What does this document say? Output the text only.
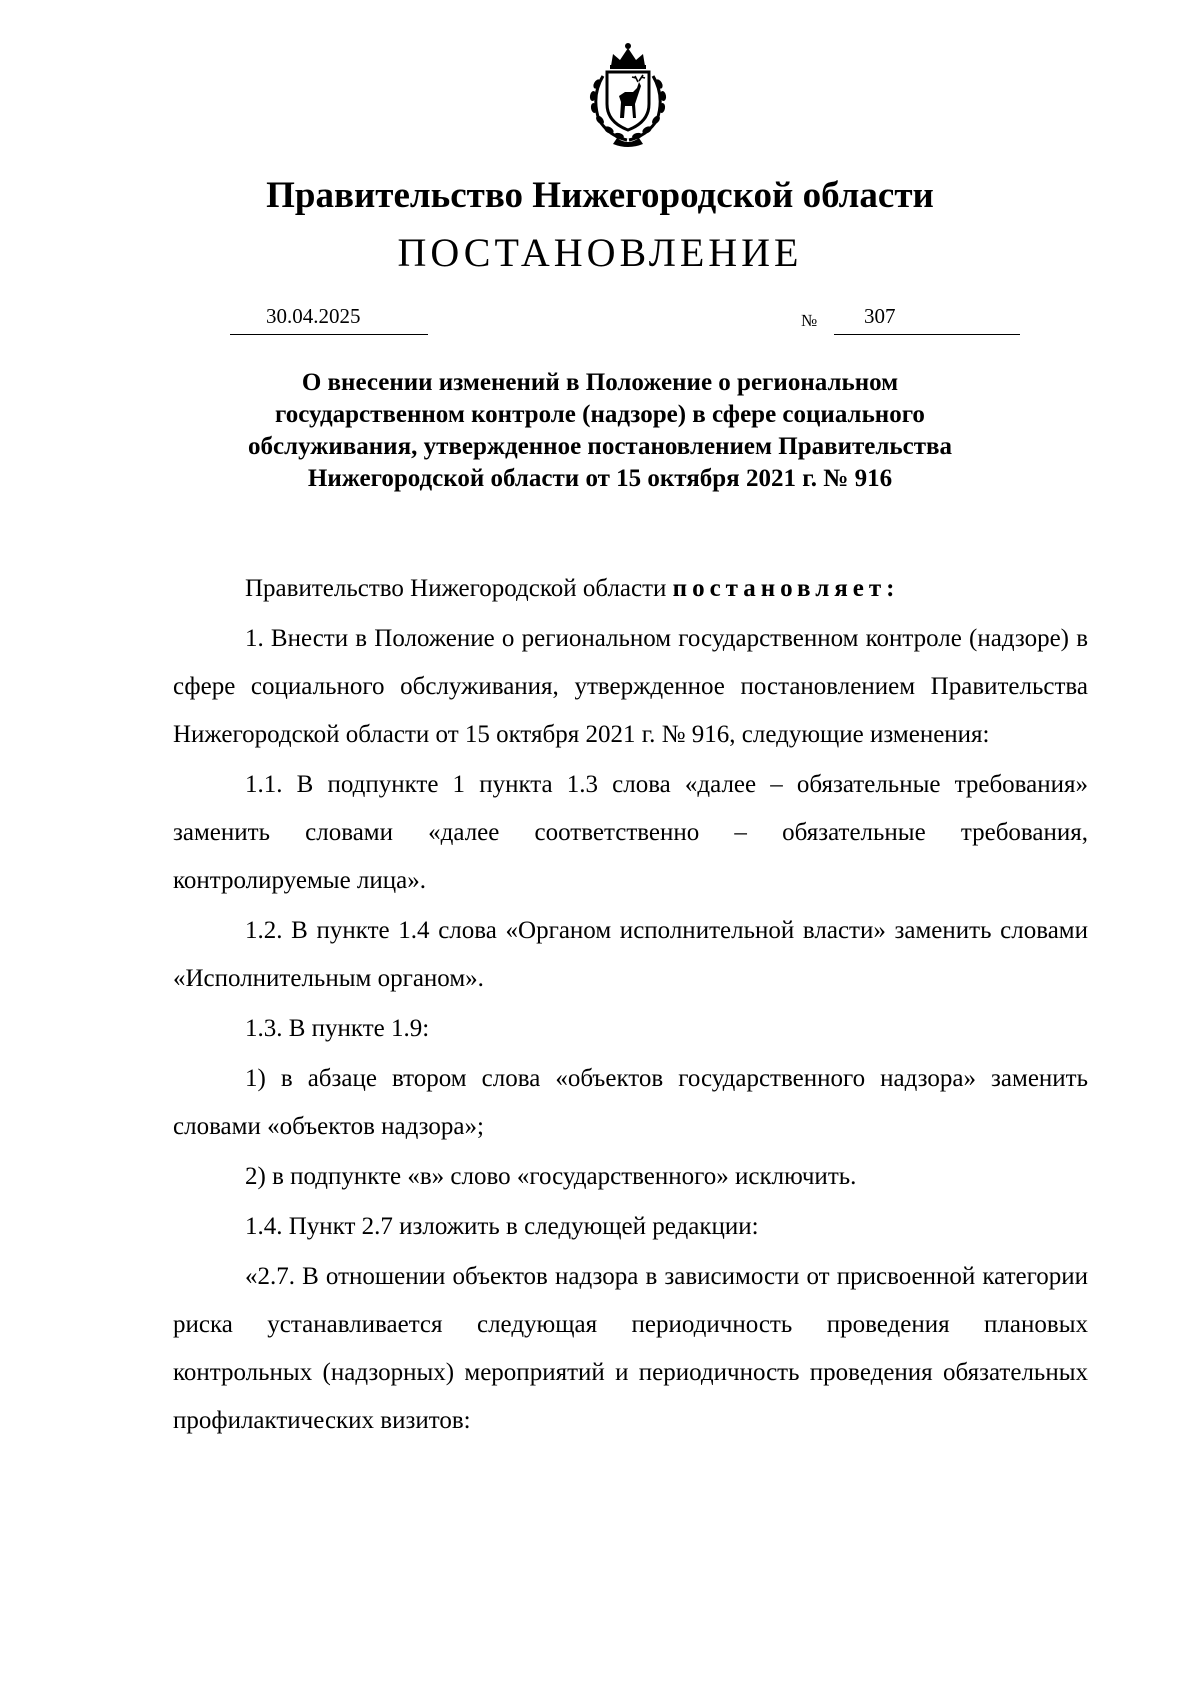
Правительство Нижегородской области
ПОСТАНОВЛЕНИЕ
30.04.2025	№ 307
О внесении изменений в Положение о региональном
государственном контроле (надзоре) в сфере социального
обслуживания, утвержденное постановлением Правительства
Нижегородской области от 15 октября 2021 г. № 916
Правительство Нижегородской области постановляет:
1. Внести в Положение о региональном государственном контроле (надзоре) в сфере социального обслуживания, утвержденное постановлением Правительства Нижегородской области от 15 октября 2021 г. № 916, следующие изменения:
1.1. В подпункте 1 пункта 1.3 слова «далее – обязательные требования» заменить словами «далее соответственно – обязательные требования, контролируемые лица».
1.2. В пункте 1.4 слова «Органом исполнительной власти» заменить словами «Исполнительным органом».
1.3. В пункте 1.9:
1) в абзаце втором слова «объектов государственного надзора» заменить словами «объектов надзора»;
2) в подпункте «в» слово «государственного» исключить.
1.4. Пункт 2.7 изложить в следующей редакции:
«2.7. В отношении объектов надзора в зависимости от присвоенной категории риска устанавливается следующая периодичность проведения плановых контрольных (надзорных) мероприятий и периодичность проведения обязательных профилактических визитов:
